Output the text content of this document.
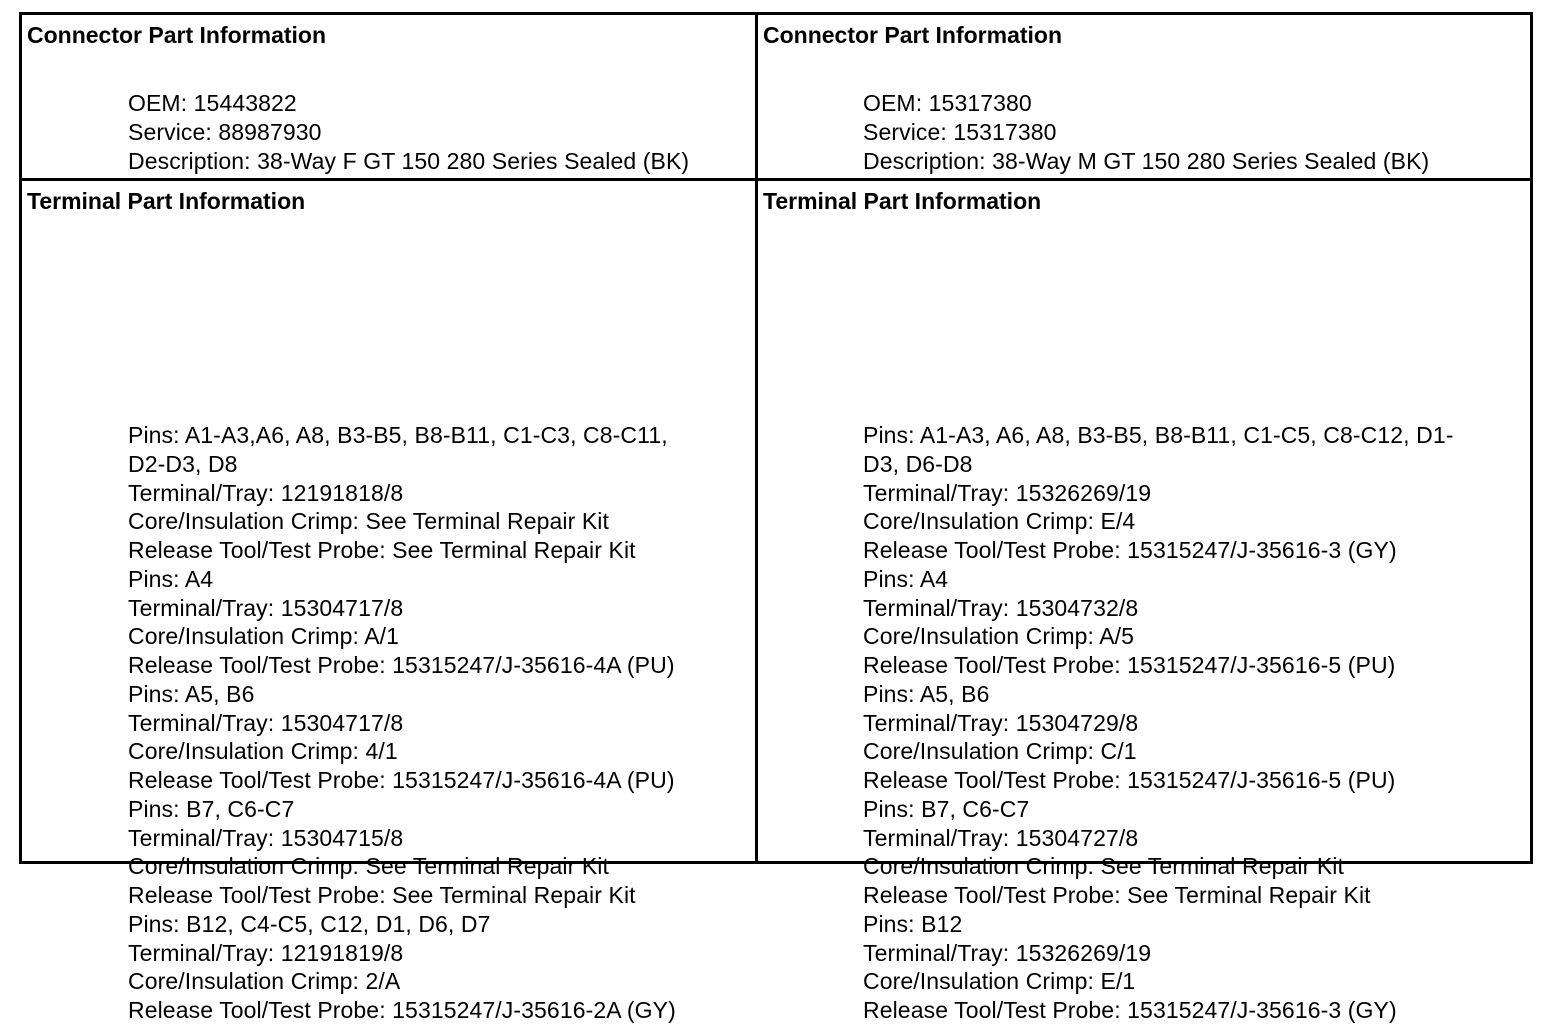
Connector Part Information

OEM: 15443822
Service: 88987930
Description: 38-Way F GT 150 280 Series Sealed (BK)

Connector Part Information

OEM: 15317380
Service: 15317380
Description: 38-Way M GT 150 280 Series Sealed (BK)

Terminal Part Information

Pins: A1-A3,A6, A8, B3-B5, B8-B11, C1-C3, C8-C11,
D2-D3, D8
Terminal/Tray: 12191818/8
Core/Insulation Crimp: See Terminal Repair Kit
Release Tool/Test Probe: See Terminal Repair Kit
Pins: A4
Terminal/Tray: 15304717/8
Core/Insulation Crimp: A/1
Release Tool/Test Probe: 15315247/J-35616-4A (PU)
Pins: A5, B6
Terminal/Tray: 15304717/8
Core/Insulation Crimp: 4/1
Release Tool/Test Probe: 15315247/J-35616-4A (PU)
Pins: B7, C6-C7
Terminal/Tray: 15304715/8
Core/Insulation Crimp: See Terminal Repair Kit
Release Tool/Test Probe: See Terminal Repair Kit
Pins: B12, C4-C5, C12, D1, D6, D7
Terminal/Tray: 12191819/8
Core/Insulation Crimp: 2/A
Release Tool/Test Probe: 15315247/J-35616-2A (GY)

Terminal Part Information

Pins: A1-A3, A6, A8, B3-B5, B8-B11, C1-C5, C8-C12, D1-
D3, D6-D8
Terminal/Tray: 15326269/19
Core/Insulation Crimp: E/4
Release Tool/Test Probe: 15315247/J-35616-3 (GY)
Pins: A4
Terminal/Tray: 15304732/8
Core/Insulation Crimp: A/5
Release Tool/Test Probe: 15315247/J-35616-5 (PU)
Pins: A5, B6
Terminal/Tray: 15304729/8
Core/Insulation Crimp: C/1
Release Tool/Test Probe: 15315247/J-35616-5 (PU)
Pins: B7, C6-C7
Terminal/Tray: 15304727/8
Core/Insulation Crimp: See Terminal Repair Kit
Release Tool/Test Probe: See Terminal Repair Kit
Pins: B12
Terminal/Tray: 15326269/19
Core/Insulation Crimp: E/1
Release Tool/Test Probe: 15315247/J-35616-3 (GY)
